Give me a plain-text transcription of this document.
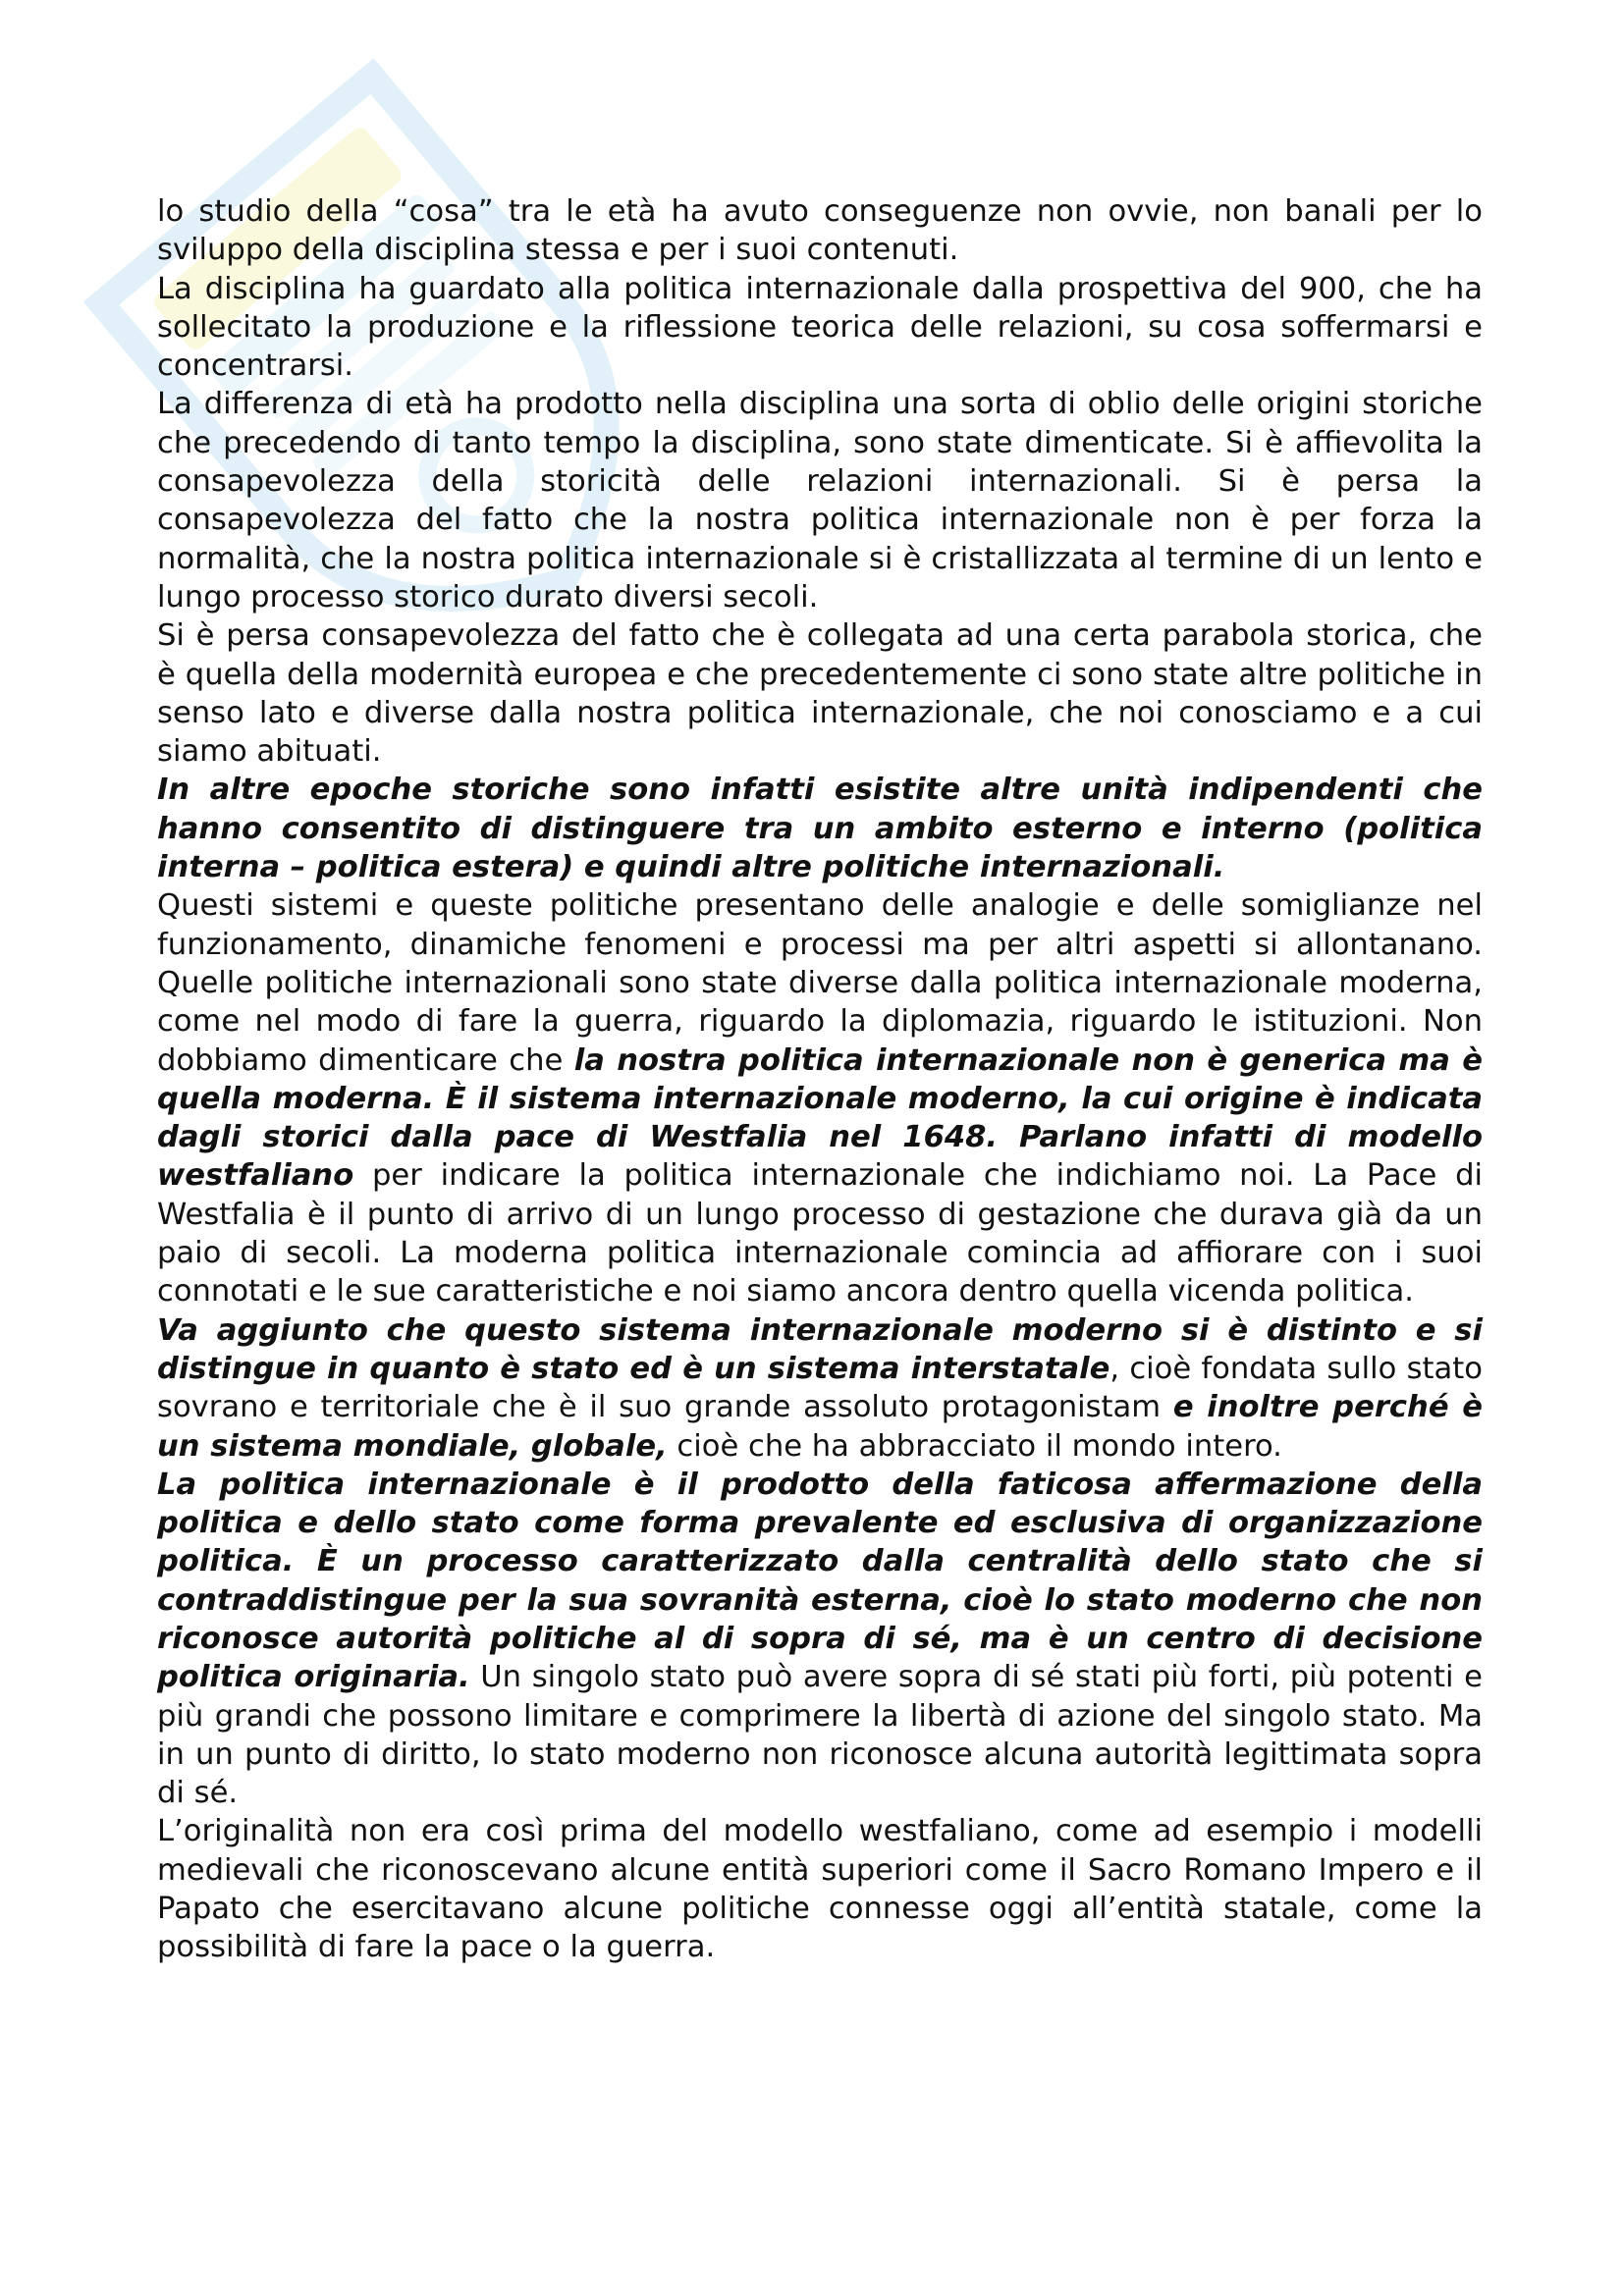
lo studio della “cosa” tra le età ha avuto conseguenze non ovvie, non banali per lo sviluppo della disciplina stessa e per i suoi contenuti.

La disciplina ha guardato alla politica internazionale dalla prospettiva del 900, che ha sollecitato la produzione e la riflessione teorica delle relazioni, su cosa soffermarsi e concentrarsi.

La differenza di età ha prodotto nella disciplina una sorta di oblio delle origini storiche che precedendo di tanto tempo la disciplina, sono state dimenticate. Si è affievolita la consapevolezza della storicità delle relazioni internazionali. Si è persa la consapevolezza del fatto che la nostra politica internazionale non è per forza la normalità, che la nostra politica internazionale si è cristallizzata al termine di un lento e lungo processo storico durato diversi secoli.

Si è persa consapevolezza del fatto che è collegata ad una certa parabola storica, che è quella della modernità europea e che precedentemente ci sono state altre politiche in senso lato e diverse dalla nostra politica internazionale, che noi conosciamo e a cui siamo abituati.

In altre epoche storiche sono infatti esistite altre unità indipendenti che hanno consentito di distinguere tra un ambito esterno e interno (politica interna – politica estera) e quindi altre politiche internazionali.

Questi sistemi e queste politiche presentano delle analogie e delle somiglianze nel funzionamento, dinamiche fenomeni e processi ma per altri aspetti si allontanano. Quelle politiche internazionali sono state diverse dalla politica internazionale moderna, come nel modo di fare la guerra, riguardo la diplomazia, riguardo le istituzioni. Non dobbiamo dimenticare che la nostra politica internazionale non è generica ma è quella moderna. È il sistema internazionale moderno, la cui origine è indicata dagli storici dalla pace di Westfalia nel 1648. Parlano infatti di modello westfaliano per indicare la politica internazionale che indichiamo noi. La Pace di Westfalia è il punto di arrivo di un lungo processo di gestazione che durava già da un paio di secoli. La moderna politica internazionale comincia ad affiorare con i suoi connotati e le sue caratteristiche e noi siamo ancora dentro quella vicenda politica.

Va aggiunto che questo sistema internazionale moderno si è distinto e si distingue in quanto è stato ed è un sistema interstatale, cioè fondata sullo stato sovrano e territoriale che è il suo grande assoluto protagonistam e inoltre perché è un sistema mondiale, globale, cioè che ha abbracciato il mondo intero.

La politica internazionale è il prodotto della faticosa affermazione della politica e dello stato come forma prevalente ed esclusiva di organizzazione politica. È un processo caratterizzato dalla centralità dello stato che si contraddistingue per la sua sovranità esterna, cioè lo stato moderno che non riconosce autorità politiche al di sopra di sé, ma è un centro di decisione politica originaria. Un singolo stato può avere sopra di sé stati più forti, più potenti e più grandi che possono limitare e comprimere la libertà di azione del singolo stato. Ma in un punto di diritto, lo stato moderno non riconosce alcuna autorità legittimata sopra di sé.

L’originalità non era così prima del modello westfaliano, come ad esempio i modelli medievali che riconoscevano alcune entità superiori come il Sacro Romano Impero e il Papato che esercitavano alcune politiche connesse oggi all’entità statale, come la possibilità di fare la pace o la guerra.
